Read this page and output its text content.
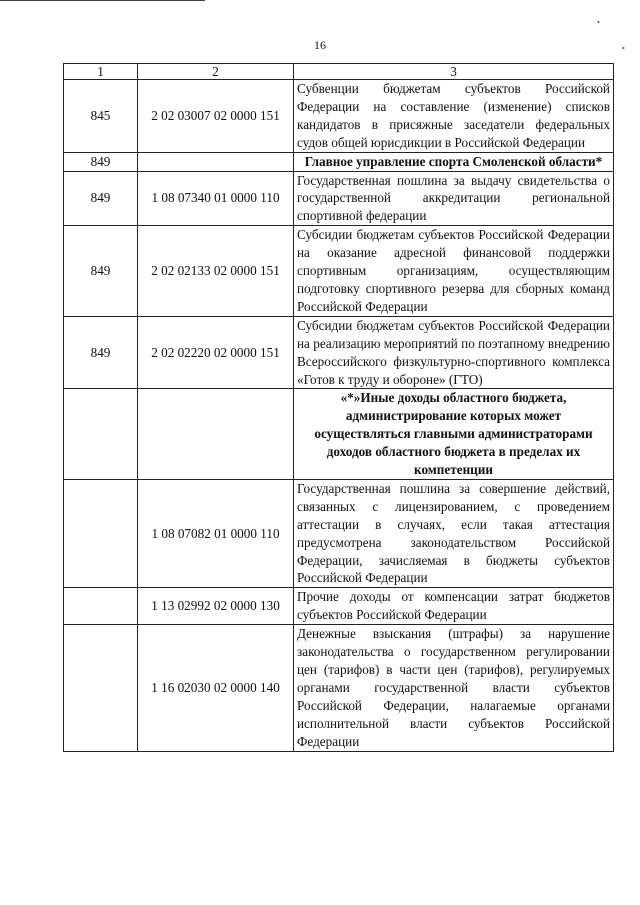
•
•
16
1	2	3
845	2 02 03007 02 0000 151	Субвенции бюджетам субъектов Российской Федерации на составление (изменение) списков кандидатов в присяжные заседатели федеральных судов общей юрисдикции в Российской Федерации
849		Главное управление спорта Смоленской области*
849	1 08 07340 01 0000 110	Государственная пошлина за выдачу свидетельства о государственной аккредитации региональной спортивной федерации
849	2 02 02133 02 0000 151	Субсидии бюджетам субъектов Российской Федерации на оказание адресной финансовой поддержки спортивным организациям, осуществляющим подготовку спортивного резерва для сборных команд Российской Федерации
849	2 02 02220 02 0000 151	Субсидии бюджетам субъектов Российской Федерации на реализацию мероприятий по поэтапному внедрению Всероссийского физкультурно-спортивного комплекса «Готов к труду и обороне» (ГТО)
		«*»Иные доходы областного бюджета, администрирование которых может осуществляться главными администраторами доходов областного бюджета в пределах их компетенции
	1 08 07082 01 0000 110	Государственная пошлина за совершение действий, связанных с лицензированием, с проведением аттестации в случаях, если такая аттестация предусмотрена законодательством Российской Федерации, зачисляемая в бюджеты субъектов Российской Федерации
	1 13 02992 02 0000 130	Прочие доходы от компенсации затрат бюджетов субъектов Российской Федерации
	1 16 02030 02 0000 140	Денежные взыскания (штрафы) за нарушение законодательства о государственном регулировании цен (тарифов) в части цен (тарифов), регулируемых органами государственной власти субъектов Российской Федерации, налагаемые органами исполнительной власти субъектов Российской Федерации
